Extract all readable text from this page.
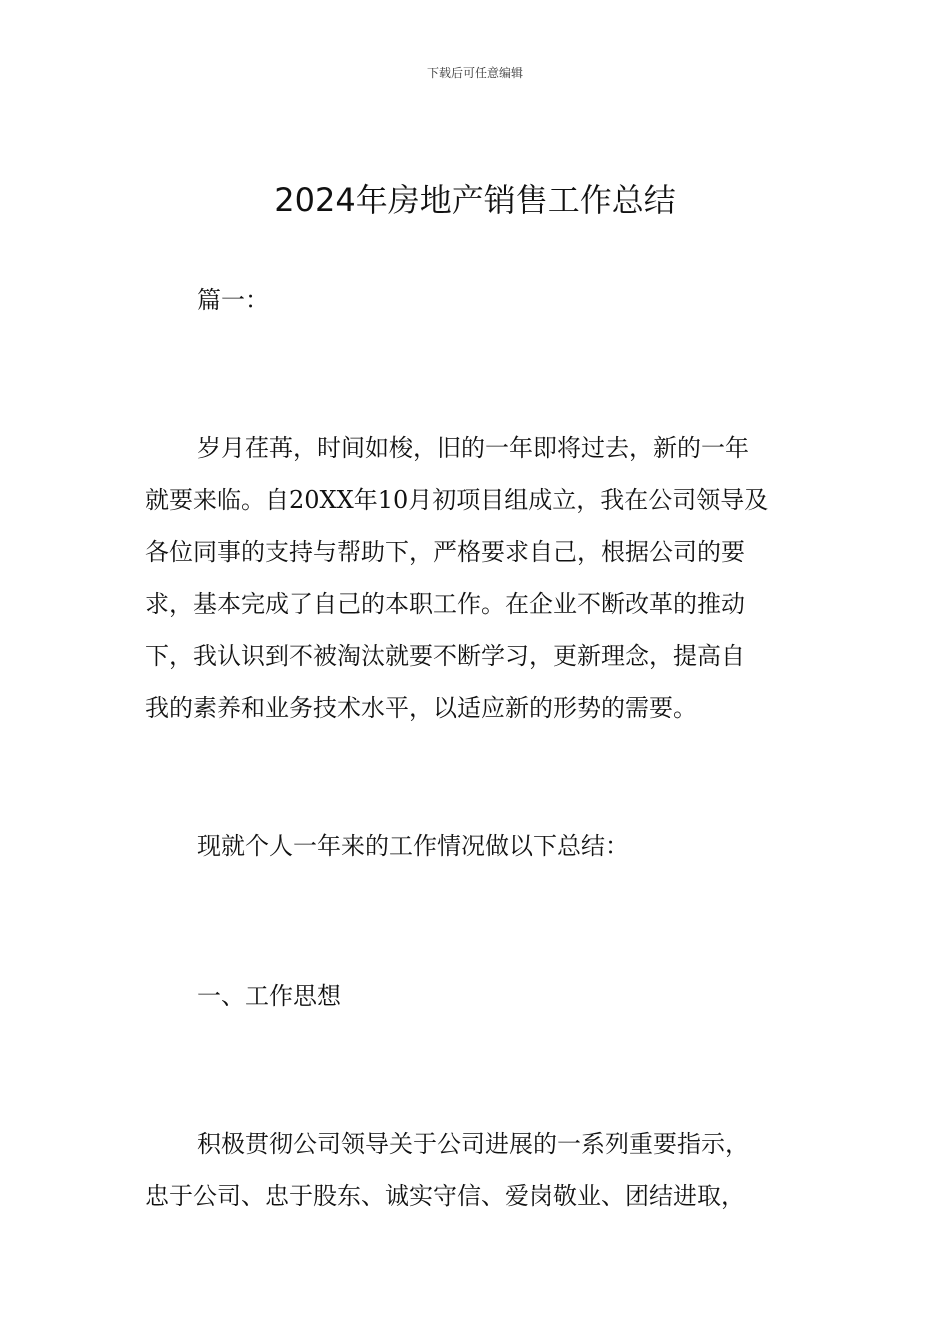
下载后可任意编辑
2024年房地产销售工作总结

篇一：

岁月荏苒，时间如梭，旧的一年即将过去，新的一年
就要来临。自20XX年10月初项目组成立，我在公司领导及
各位同事的支持与帮助下，严格要求自己，根据公司的要
求，基本完成了自己的本职工作。在企业不断改革的推动
下，我认识到不被淘汰就要不断学习，更新理念，提高自
我的素养和业务技术水平，以适应新的形势的需要。

现就个人一年来的工作情况做以下总结：

一、工作思想

积极贯彻公司领导关于公司进展的一系列重要指示，
忠于公司、忠于股东、诚实守信、爱岗敬业、团结进取，
